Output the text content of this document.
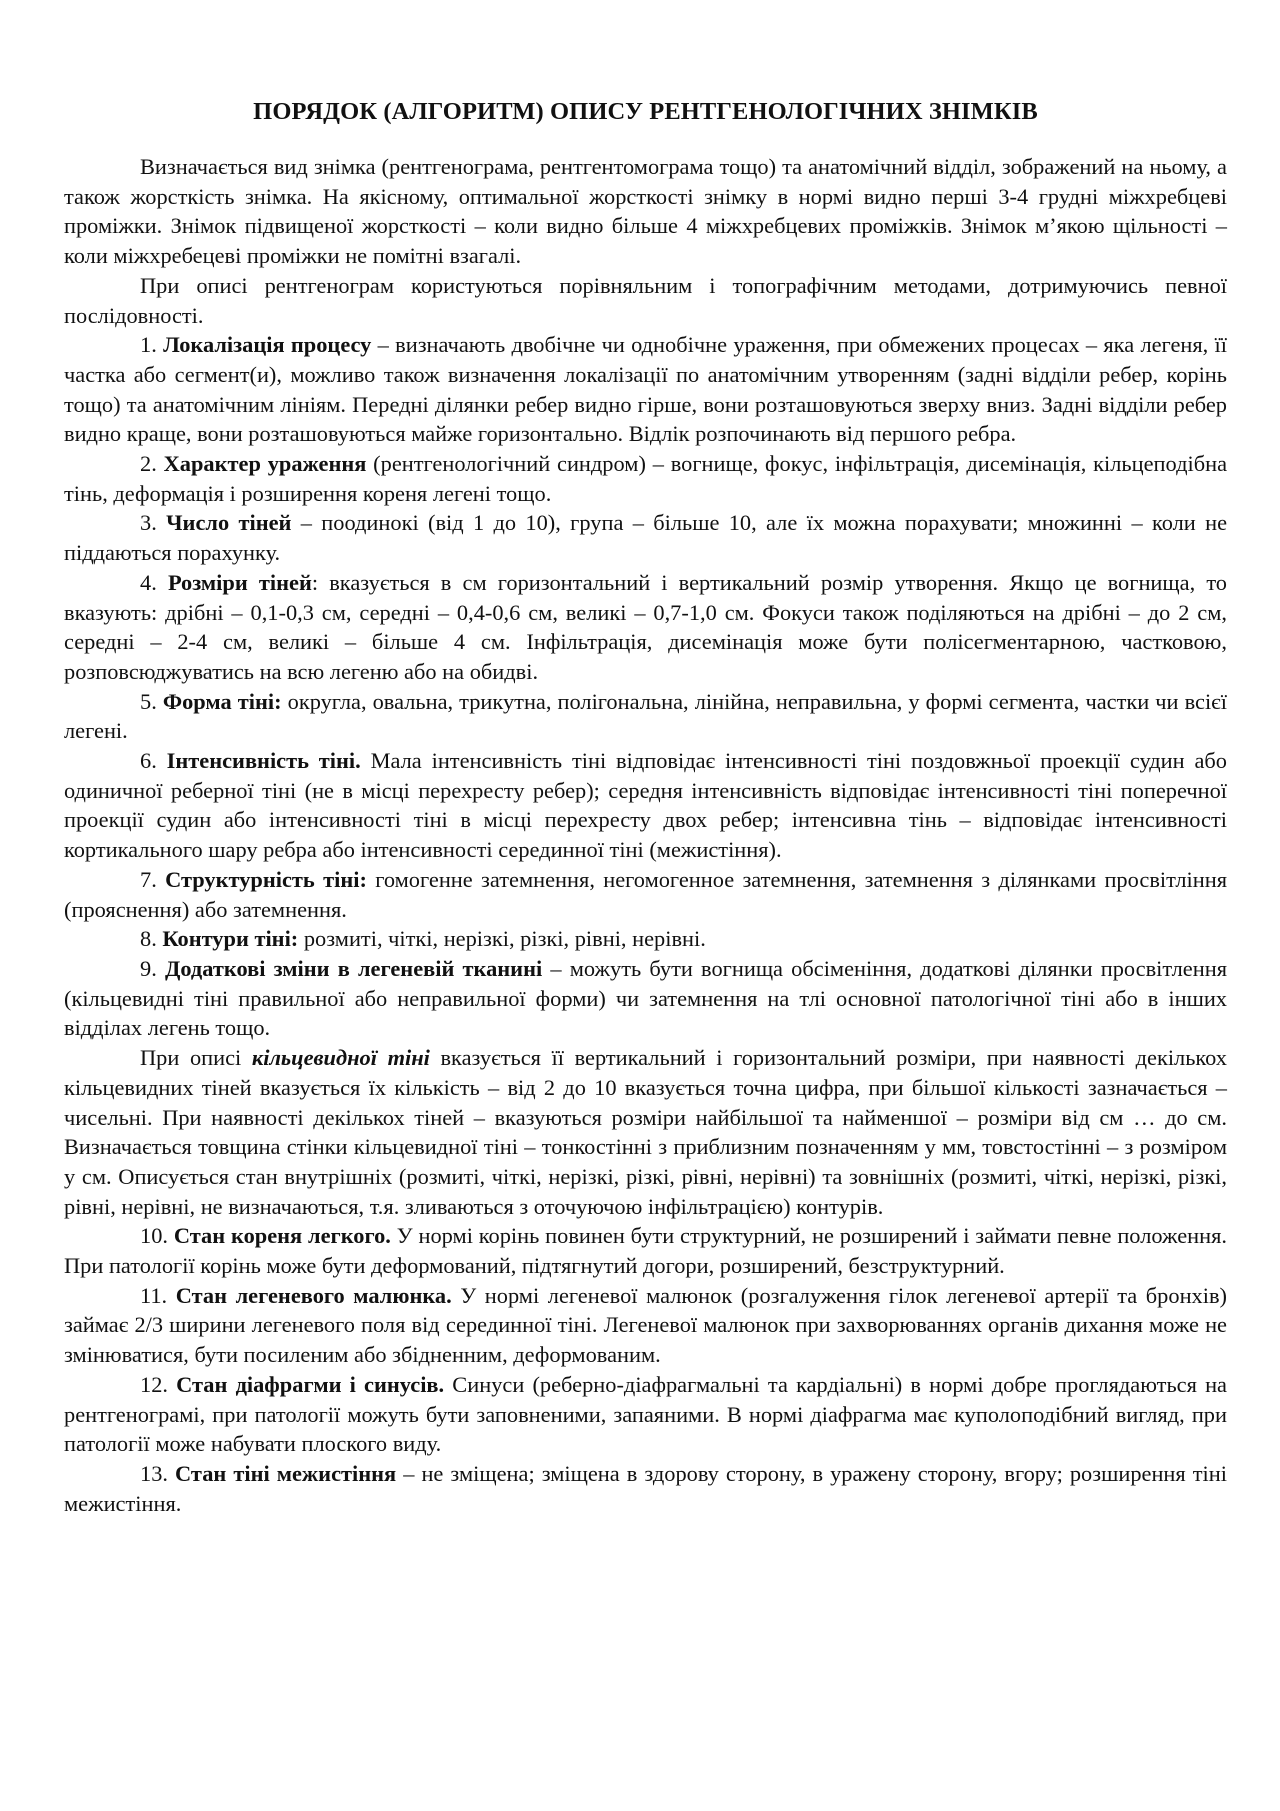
ПОРЯДОК (АЛГОРИТМ) ОПИСУ РЕНТГЕНОЛОГІЧНИХ ЗНІМКІВ

Визначається вид знімка (рентгенограма, рентгентомограма тощо) та анатомічний відділ, зображений на ньому, а також жорсткість знімка. На якісному, оптимальної жорсткості знімку в нормі видно перші 3-4 грудні міжхребцеві проміжки. Знімок підвищеної жорсткості – коли видно більше 4 міжхребцевих проміжків. Знімок м’якою щільності – коли міжхребецеві проміжки не помітні взагалі.

При описі рентгенограм користуються порівняльним і топографічним методами, дотримуючись певної послідовності.

1. Локалізація процесу – визначають двобічне чи однобічне ураження, при обмежених процесах – яка легеня, її частка або сегмент(и), можливо також визначення локалізації по анатомічним утворенням (задні відділи ребер, корінь тощо) та анатомічним лініям. Передні ділянки ребер видно гірше, вони розташовуються зверху вниз. Задні відділи ребер видно краще, вони розташовуються майже горизонтально. Відлік розпочинають від першого ребра.

2. Характер ураження (рентгенологічний синдром) – вогнище, фокус, інфільтрація, дисемінація, кільцеподібна тінь, деформація і розширення кореня легені тощо.

3. Число тіней – поодинокі (від 1 до 10), група – більше 10, але їх можна порахувати; множинні – коли не піддаються порахунку.

4. Розміри тіней: вказується в см горизонтальний і вертикальний розмір утворення. Якщо це вогнища, то вказують: дрібні – 0,1-0,3 см, середні – 0,4-0,6 см, великі – 0,7-1,0 см. Фокуси також поділяються на дрібні – до 2 см, середні – 2-4 см, великі – більше 4 см. Інфільтрація, дисемінація може бути полісегментарною, частковою, розповсюджуватись на всю легеню або на обидві.

5. Форма тіні: округла, овальна, трикутна, полігональна, лінійна, неправильна, у формі сегмента, частки чи всієї легені.

6. Інтенсивність тіні. Мала інтенсивність тіні відповідає інтенсивності тіні поздовжньої проекції судин або одиничної реберної тіні (не в місці перехресту ребер); середня інтенсивність відповідає інтенсивності тіні поперечної проекції судин або інтенсивності тіні в місці перехресту двох ребер; інтенсивна тінь – відповідає інтенсивності кортикального шару ребра або інтенсивності серединної тіні (межистіння).

7. Структурність тіні: гомогенне затемнення, негомогенное затемнення, затемнення з ділянками просвітління (прояснення) або затемнення.

8. Контури тіні: розмиті, чіткі, нерізкі, різкі, рівні, нерівні.

9. Додаткові зміни в легеневій тканині – можуть бути вогнища обсіменіння, додаткові ділянки просвітлення (кільцевидні тіні правильної або неправильної форми) чи затемнення на тлі основної патологічної тіні або в інших відділах легень тощо.

При описі кільцевидної тіні вказується її вертикальний і горизонтальний розміри, при наявності декількох кільцевидних тіней вказується їх кількість – від 2 до 10 вказується точна цифра, при більшої кількості зазначається – чисельні. При наявності декількох тіней – вказуються розміри найбільшої та найменшої – розміри від см … до см. Визначається товщина стінки кільцевидної тіні – тонкостінні з приблизним позначенням у мм, товстостінні – з розміром у см. Описується стан внутрішніх (розмиті, чіткі, нерізкі, різкі, рівні, нерівні) та зовнішніх (розмиті, чіткі, нерізкі, різкі, рівні, нерівні, не визначаються, т.я. зливаються з оточуючою інфільтрацією) контурів.

10. Стан кореня легкого. У нормі корінь повинен бути структурний, не розширений і займати певне положення. При патології корінь може бути деформований, підтягнутий догори, розширений, безструктурний.

11. Стан легеневого малюнка. У нормі легеневої малюнок (розгалуження гілок легеневої артерії та бронхів) займає 2/3 ширини легеневого поля від серединної тіні. Легеневої малюнок при захворюваннях органів дихання може не змінюватися, бути посиленим або збідненним, деформованим.

12. Стан діафрагми і синусів. Синуси (реберно-діафрагмальні та кардіальні) в нормі добре проглядаються на рентгенограмі, при патології можуть бути заповненими, запаяними. В нормі діафрагма має куполоподібний вигляд, при патології може набувати плоского виду.

13. Стан тіні межистіння – не зміщена; зміщена в здорову сторону, в уражену сторону, вгору; розширення тіні межистіння.
